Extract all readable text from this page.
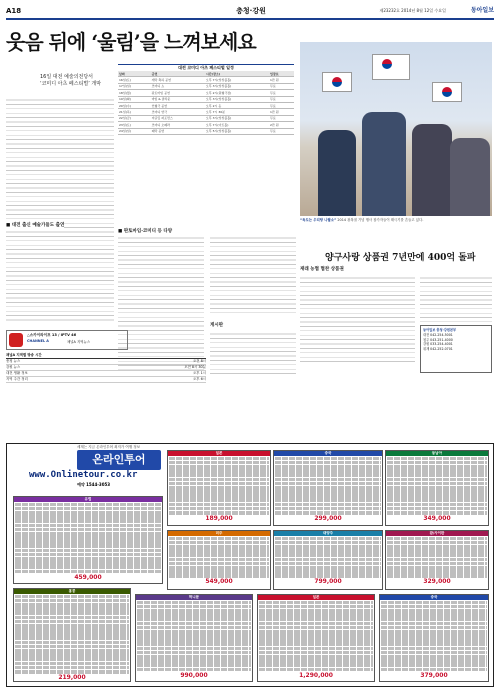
A18	충청·강원	제23232호 2014년 8월 12일 수요일	동아일보
웃음 뒤에 ‘울림’을 느껴보세요
16일 대전 예술의전당서
‘코미디 아츠 페스티벌’ 개막
대전 코미디 아츠 페스티벌 일정
날짜	공연	시간(장소)	입장료
16일(토)	개막 축하 공연	오후 7시(앙상블홀)	1만 원
17일(일)	코미디 쇼	오후 3시(앙상블홀)	무료
18일(월)	판토마임 공연	오후 2시(원형극장)	무료
19일(화)	마임 & 클라운	오후 3시(앙상블홀)	무료
20일(수)	인형극 공연	오후 2시 등	무료
21일(목)	코미디 연극	오후 7시 30분	1만 원
22일(금)	저글링 퍼포먼스	오후 3시(앙상블홀)	무료
23일(토)	코미디 오페라	오후 7시(아트홀)	2만 원
24일(일)	폐막 공연	오후 5시(앙상블홀)	무료
“독도는 우리땅 나팔소” 2014 광복절 기념 행사 참가자들이 태극기를 흔들고 있다.
양구사랑 상품권 7년만에 400억 돌파
재래 농협 협찬 상품권
동아일보 충청·강원본부
대전 042-254-5001
청주 043-251-4000
강원 033-254-4001
취재 042-252-0701
■ 판토마임·코미디 등 다양
게시판
■ 대전 출신 예술가들도 출연
△스카이라이프 13 / IPTV 46
CHANNEL A	채널A 지역뉴스
채널A 지역별 방송 시간
충청 뉴스	오전 8시
강원 뉴스	오전 8시 30분
대전 생활 정보	오후 1시
지역 주간 정리	오후 6시
세계는 지금 온라인투어 최저가 여행 정보
온라인투어
www.Onlinetour.co.kr
예약 1544-3053
일본
189,000
중국
299,000
동남아
349,000
유럽
459,000
미주
549,000
대양주
799,000
괌/사이판
329,000
홍콩
219,000
허니문
990,000
일본
1,290,000
중국
379,000
